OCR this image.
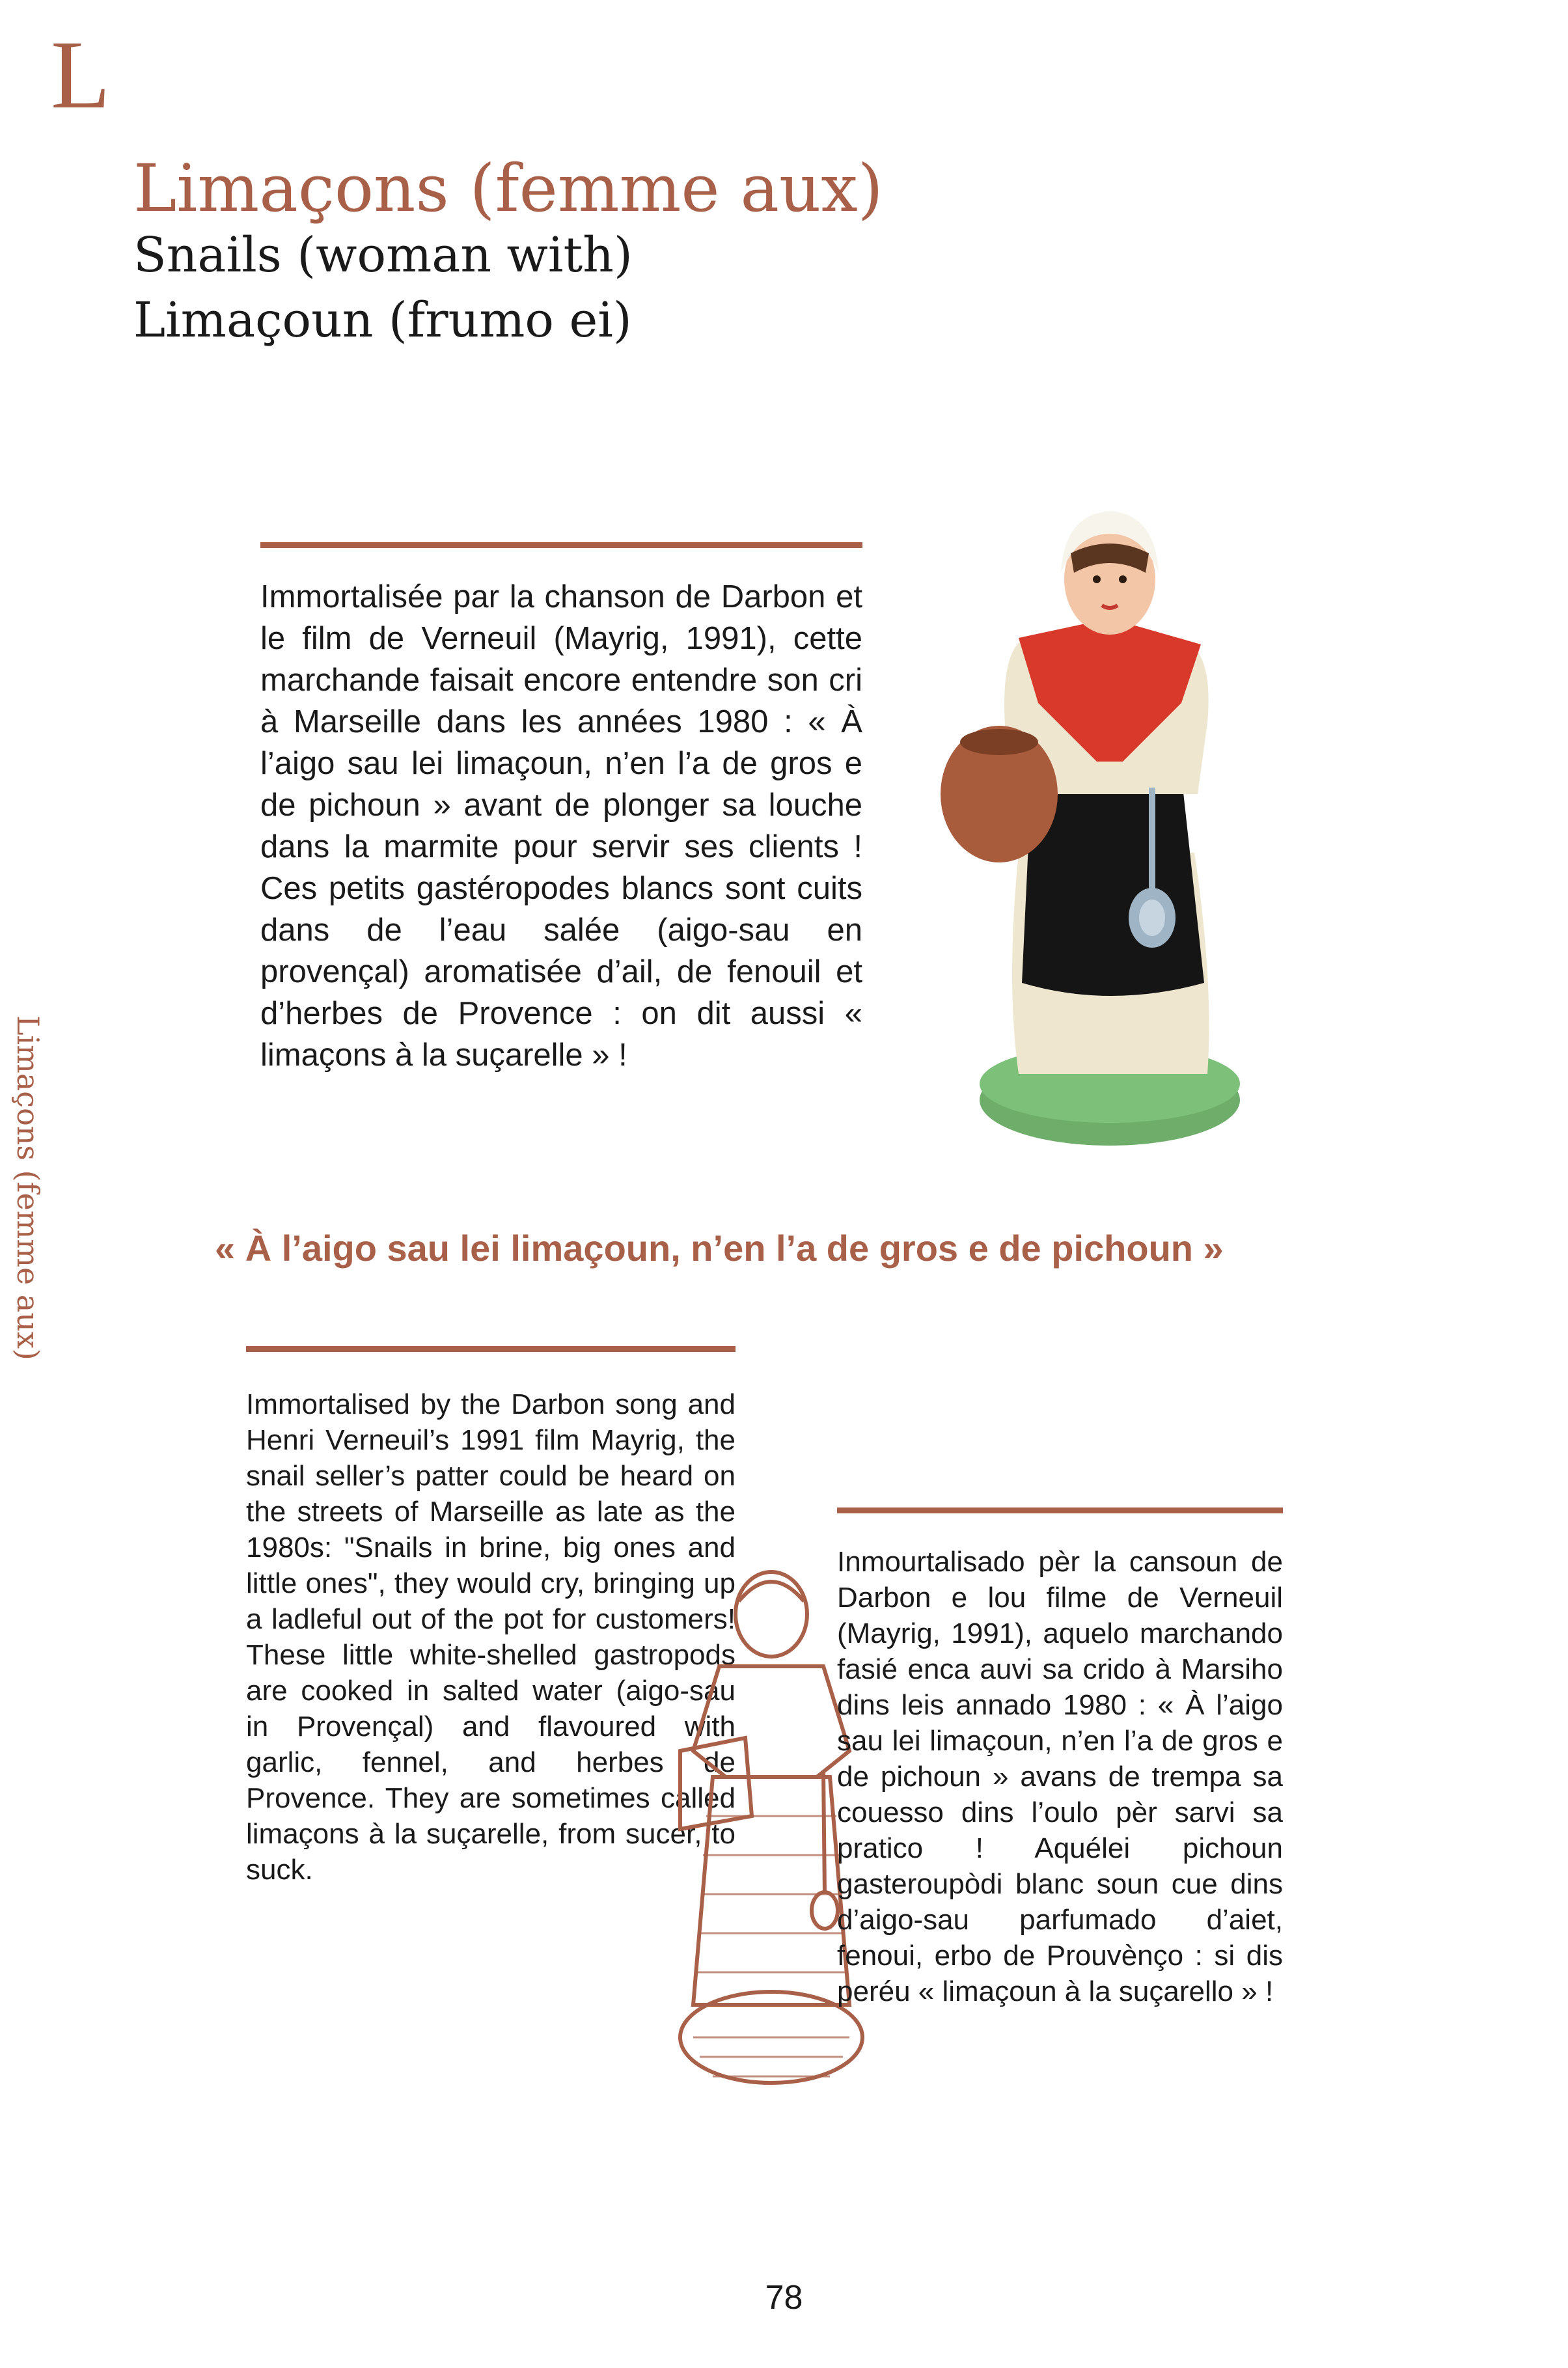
L
Limaçons (femme aux)
Snails (woman with)
Limaçoun (frumo ei)
Limaçons (femme aux)
Immortalisée par la chanson de Darbon et le film de Verneuil (Mayrig, 1991), cette marchande faisait encore entendre son cri à Marseille dans les années 1980 : « À l’aigo sau lei limaçoun, n’en l’a de gros e de pichoun » avant de plonger sa louche dans la marmite pour servir ses clients ! Ces petits gastéropodes blancs sont cuits dans de l’eau salée (aigo-sau en provençal) aromatisée d’ail, de fenouil et d’herbes de Provence : on dit aussi « limaçons à la suçarelle » !
« À l’aigo sau lei limaçoun, n’en l’a de gros e de pichoun »
Immortalised by the Darbon song and Henri Verneuil’s 1991 film Mayrig, the snail seller’s patter could be heard on the streets of Marseille as late as the 1980s: "Snails in brine, big ones and little ones", they would cry, bringing up a ladleful out of the pot for customers! These little white-shelled gastropods are cooked in salted water (aigo-sau in Provençal) and flavoured with garlic, fennel, and herbes de Provence. They are sometimes called limaçons à la suçarelle, from sucer, to suck.
Inmourtalisado pèr la cansoun de Darbon e lou filme de Verneuil (Mayrig, 1991), aquelo marchando fasié enca auvi sa crido à Marsiho dins leis annado 1980 : « À l’aigo sau lei limaçoun, n’en l’a de gros e de pichoun » avans de trempa sa couesso dins l’oulo pèr sarvi sa pratico ! Aquélei pichoun gasteroupòdi blanc soun cue dins d’aigo-sau parfumado d’aiet, fenoui, erbo de Prouvènço : si dis peréu « limaçoun à la suçarello » !
78
